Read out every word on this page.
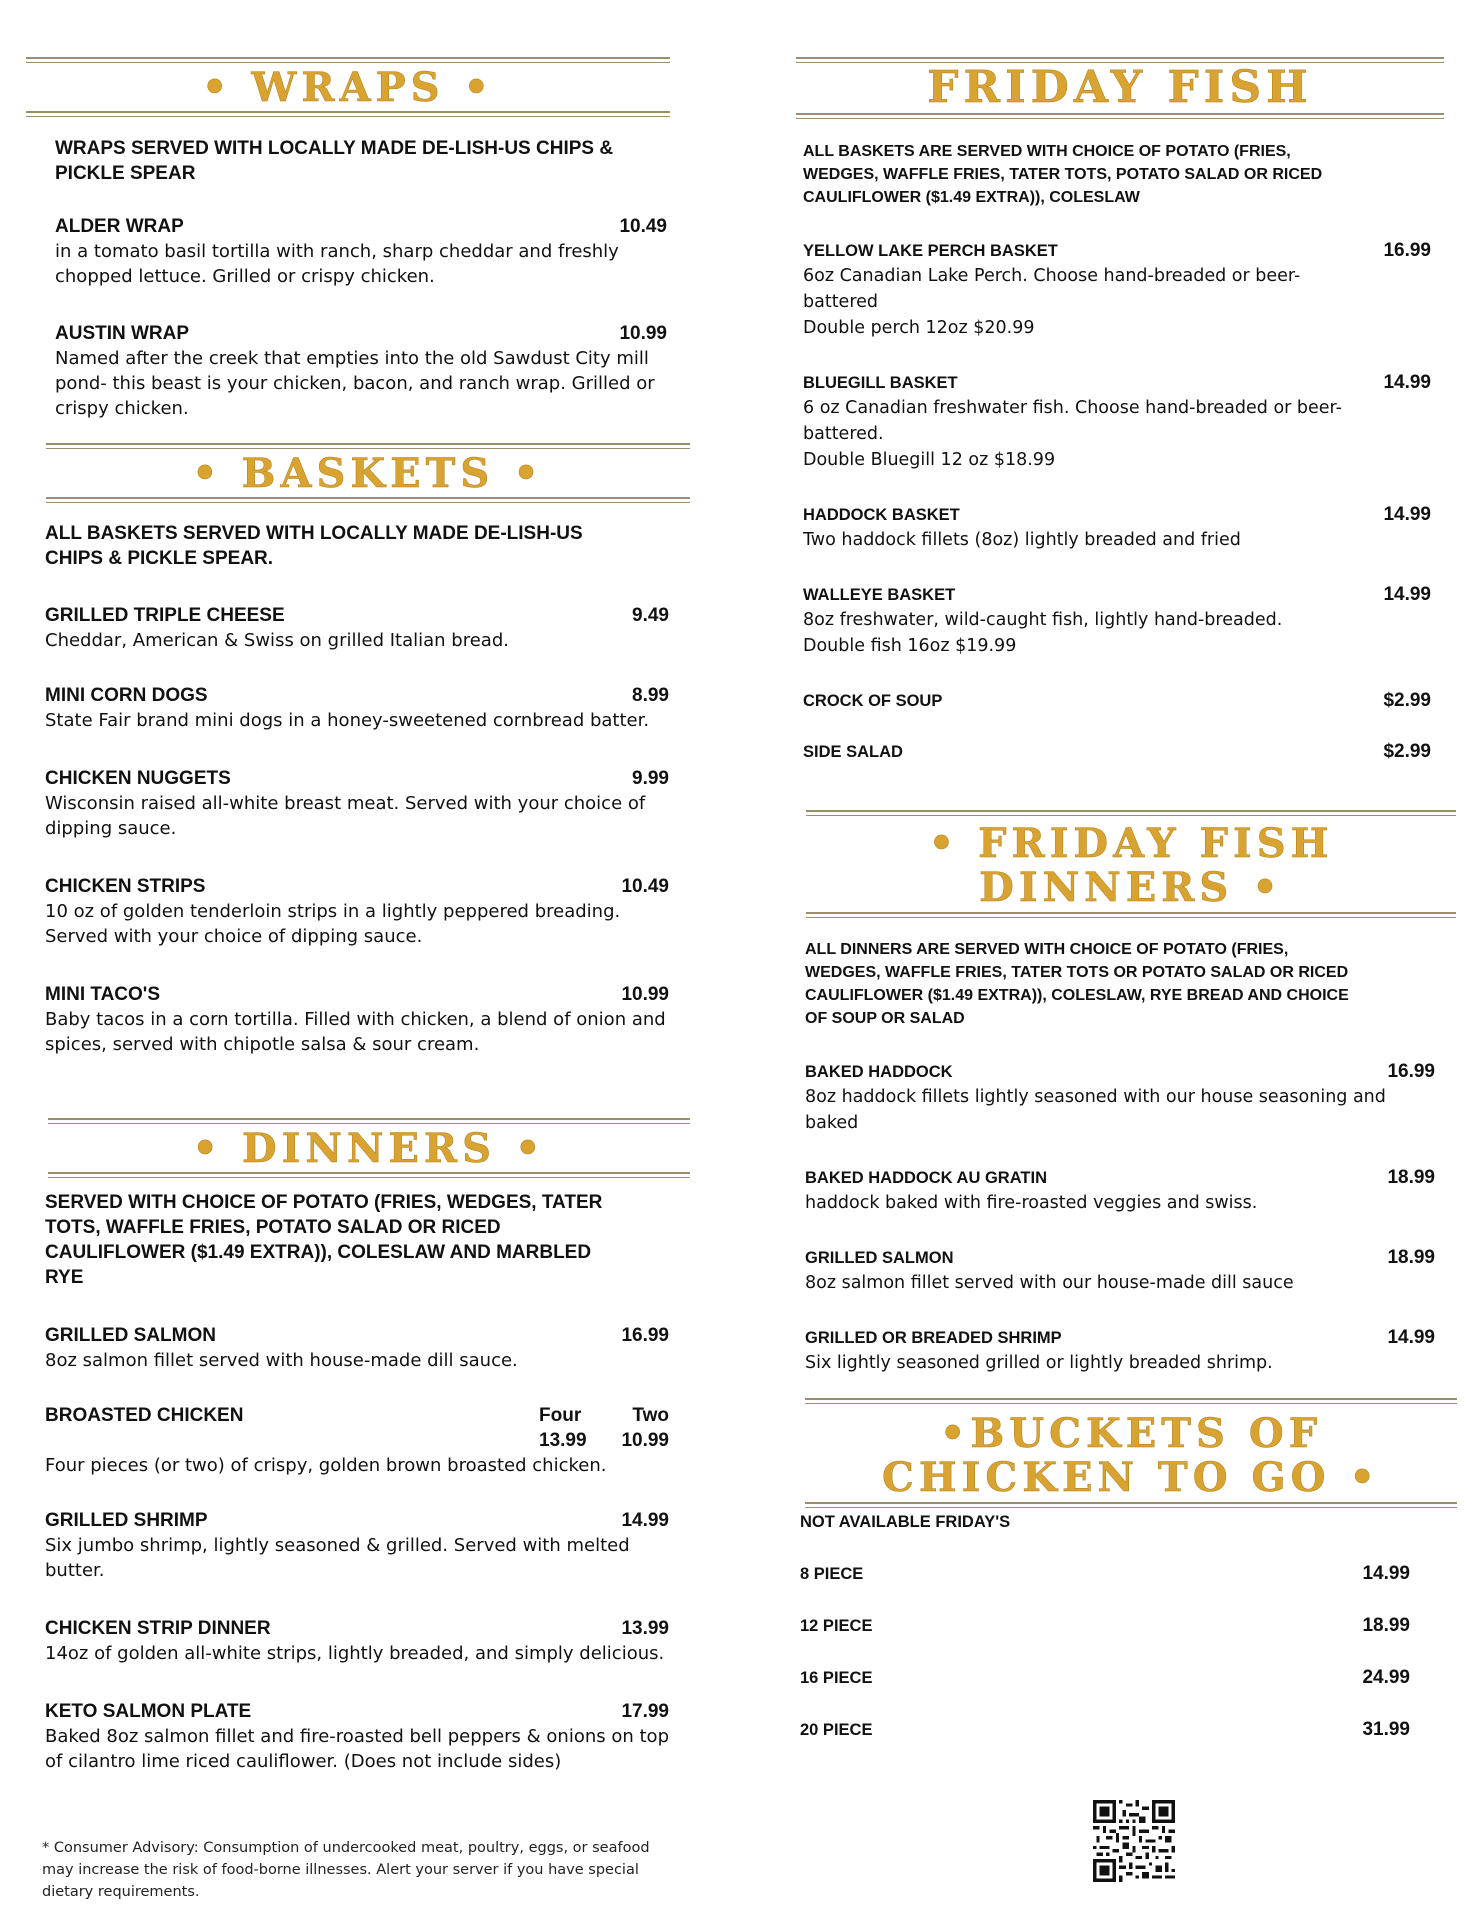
• WRAPS •
WRAPS SERVED WITH LOCALLY MADE DE-LISH-US CHIPS & PICKLE SPEAR
ALDER WRAP	10.49
in a tomato basil tortilla with ranch, sharp cheddar and freshly chopped lettuce. Grilled or crispy chicken.
AUSTIN WRAP	10.99
Named after the creek that empties into the old Sawdust City mill pond- this beast is your chicken, bacon, and ranch wrap. Grilled or crispy chicken.
• BASKETS •
ALL BASKETS SERVED WITH LOCALLY MADE DE-LISH-US CHIPS & PICKLE SPEAR.
GRILLED TRIPLE CHEESE	9.49
Cheddar, American & Swiss on grilled Italian bread.
MINI CORN DOGS	8.99
State Fair brand mini dogs in a honey-sweetened cornbread batter.
CHICKEN NUGGETS	9.99
Wisconsin raised all-white breast meat. Served with your choice of dipping sauce.
CHICKEN STRIPS	10.49
10 oz of golden tenderloin strips in a lightly peppered breading. Served with your choice of dipping sauce.
MINI TACO'S	10.99
Baby tacos in a corn tortilla. Filled with chicken, a blend of onion and spices, served with chipotle salsa & sour cream.
• DINNERS •
SERVED WITH CHOICE OF POTATO (FRIES, WEDGES, TATER TOTS, WAFFLE FRIES, POTATO SALAD OR RICED CAULIFLOWER ($1.49 EXTRA)), COLESLAW AND MARBLED RYE
GRILLED SALMON	16.99
8oz salmon fillet served with house-made dill sauce.
BROASTED CHICKEN	Four	Two
13.99 10.99
Four pieces (or two) of crispy, golden brown broasted chicken.
GRILLED SHRIMP	14.99
Six jumbo shrimp, lightly seasoned & grilled. Served with melted butter.
CHICKEN STRIP DINNER	13.99
14oz of golden all-white strips, lightly breaded, and simply delicious.
KETO SALMON PLATE	17.99
Baked 8oz salmon fillet and fire-roasted bell peppers & onions on top of cilantro lime riced cauliflower. (Does not include sides)
* Consumer Advisory: Consumption of undercooked meat, poultry, eggs, or seafood may increase the risk of food-borne illnesses. Alert your server if you have special dietary requirements.
FRIDAY FISH
ALL BASKETS ARE SERVED WITH CHOICE OF POTATO (FRIES, WEDGES, WAFFLE FRIES, TATER TOTS, POTATO SALAD OR RICED CAULIFLOWER ($1.49 EXTRA)), COLESLAW
YELLOW LAKE PERCH BASKET	16.99
6oz Canadian Lake Perch. Choose hand-breaded or beer-battered
Double perch 12oz $20.99
BLUEGILL BASKET	14.99
6 oz Canadian freshwater fish. Choose hand-breaded or beer-battered.
Double Bluegill 12 oz $18.99
HADDOCK BASKET	14.99
Two haddock fillets (8oz) lightly breaded and fried
WALLEYE BASKET	14.99
8oz freshwater, wild-caught fish, lightly hand-breaded.
Double fish 16oz $19.99
CROCK OF SOUP	$2.99
SIDE SALAD	$2.99
• FRIDAY FISH
DINNERS •
ALL DINNERS ARE SERVED WITH CHOICE OF POTATO (FRIES, WEDGES, WAFFLE FRIES, TATER TOTS OR POTATO SALAD OR RICED CAULIFLOWER ($1.49 EXTRA)), COLESLAW, RYE BREAD AND CHOICE OF SOUP OR SALAD
BAKED HADDOCK	16.99
8oz haddock fillets lightly seasoned with our house seasoning and baked
BAKED HADDOCK AU GRATIN	18.99
haddock baked with fire-roasted veggies and swiss.
GRILLED SALMON	18.99
8oz salmon fillet served with our house-made dill sauce
GRILLED OR BREADED SHRIMP	14.99
Six lightly seasoned grilled or lightly breaded shrimp.
•BUCKETS OF
CHICKEN TO GO •
NOT AVAILABLE FRIDAY'S
8 PIECE	14.99
12 PIECE	18.99
16 PIECE	24.99
20 PIECE	31.99
